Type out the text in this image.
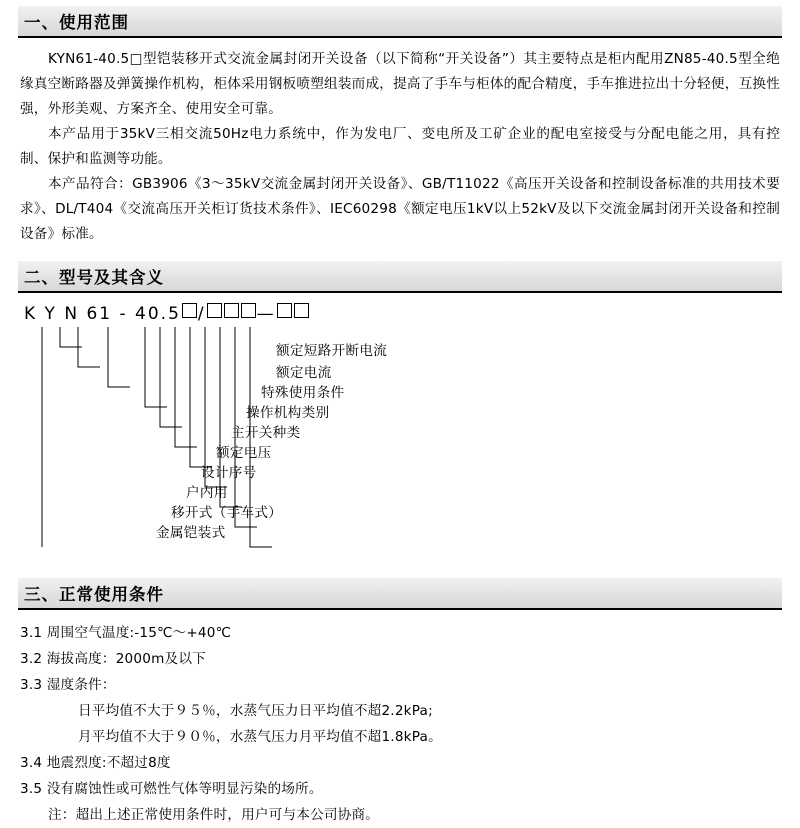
一、使用范围

KYN61-40.5□型铠装移开式交流金属封闭开关设备（以下简称“开关设备”）其主要特点是柜内配用ZN85-40.5型全绝缘真空断路器及弹簧操作机构，柜体采用钢板喷塑组装而成，提高了手车与柜体的配合精度，手车推进拉出十分轻便，互换性强，外形美观、方案齐全、使用安全可靠。

本产品用于35kV三相交流50Hz电力系统中，作为发电厂、变电所及工矿企业的配电室接受与分配电能之用，具有控制、保护和监测等功能。

本产品符合：GB3906《3～35kV交流金属封闭开关设备》、GB/T11022《高压开关设备和控制设备标准的共用技术要求》、DL/T404《交流高压开关柜订货技术条件》、IEC60298《额定电压1kV以上52kV及以下交流金属封闭开关设备和控制设备》标准。

二、型号及其含义
K Y N 61 - 40.5 /	—
额定短路开断电流
额定电流
特殊使用条件
操作机构类别
主开关种类
额定电压
设计序号
户内用
移开式（手车式）
金属铠装式
三、正常使用条件
3.1 周围空气温度:-15℃～+40℃
3.2 海拔高度：2000m及以下
3.3 湿度条件：
日平均值不大于９５％，水蒸气压力日平均值不超2.2kPa;
月平均值不大于９０％，水蒸气压力月平均值不超1.8kPa。
3.4 地震烈度:不超过8度
3.5 没有腐蚀性或可燃性气体等明显污染的场所。
注：超出上述正常使用条件时，用户可与本公司协商。
